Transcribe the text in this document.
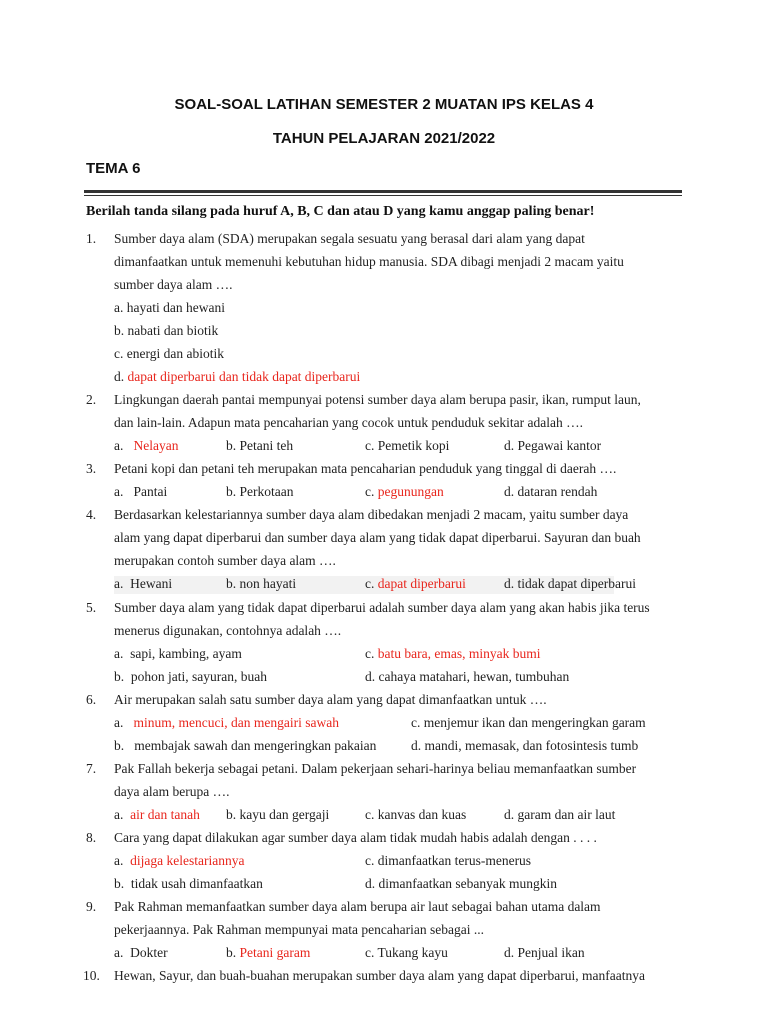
SOAL-SOAL LATIHAN SEMESTER 2 MUATAN IPS KELAS 4
TAHUN PELAJARAN 2021/2022
TEMA 6
Berilah tanda silang pada huruf A, B, C dan atau D yang kamu anggap paling benar!
1. Sumber daya alam (SDA) merupakan segala sesuatu yang berasal dari alam yang dapat
dimanfaatkan untuk memenuhi kebutuhan hidup manusia. SDA dibagi menjadi 2 macam yaitu
sumber daya alam ….
a. hayati dan hewani
b. nabati dan biotik
c. energi dan abiotik
d. dapat diperbarui dan tidak dapat diperbarui
2. Lingkungan daerah pantai mempunyai potensi sumber daya alam berupa pasir, ikan, rumput laun,
dan lain-lain. Adapun mata pencaharian yang cocok untuk penduduk sekitar adalah ….
a. Nelayan	b. Petani teh	c. Pemetik kopi	d. Pegawai kantor
3. Petani kopi dan petani teh merupakan mata pencaharian penduduk yang tinggal di daerah ….
a. Pantai	b. Perkotaan	c. pegunungan	d. dataran rendah
4. Berdasarkan kelestariannya sumber daya alam dibedakan menjadi 2 macam, yaitu sumber daya
alam yang dapat diperbarui dan sumber daya alam yang tidak dapat diperbarui. Sayuran dan buah
merupakan contoh sumber daya alam ….
a. Hewani	b. non hayati	c. dapat diperbarui	d. tidak dapat diperbarui
5. Sumber daya alam yang tidak dapat diperbarui adalah sumber daya alam yang akan habis jika terus
menerus digunakan, contohnya adalah ….
a. sapi, kambing, ayam	c. batu bara, emas, minyak bumi
b. pohon jati, sayuran, buah	d. cahaya matahari, hewan, tumbuhan
6. Air merupakan salah satu sumber daya alam yang dapat dimanfaatkan untuk ….
a. minum, mencuci, dan mengairi sawah	c. menjemur ikan dan mengeringkan garam
b. membajak sawah dan mengeringkan pakaian	d. mandi, memasak, dan fotosintesis tumb
7. Pak Fallah bekerja sebagai petani. Dalam pekerjaan sehari-harinya beliau memanfaatkan sumber
daya alam berupa ….
a. air dan tanah b. kayu dan gergaji	c. kanvas dan kuas	d. garam dan air laut
8. Cara yang dapat dilakukan agar sumber daya alam tidak mudah habis adalah dengan . . . .
a. dijaga kelestariannya	c. dimanfaatkan terus-menerus
b. tidak usah dimanfaatkan	d. dimanfaatkan sebanyak mungkin
9. Pak Rahman memanfaatkan sumber daya alam berupa air laut sebagai bahan utama dalam
pekerjaannya. Pak Rahman mempunyai mata pencaharian sebagai ...
a. Dokter	b. Petani garam	c. Tukang kayu	d. Penjual ikan
10. Hewan, Sayur, dan buah-buahan merupakan sumber daya alam yang dapat diperbarui, manfaatnya
